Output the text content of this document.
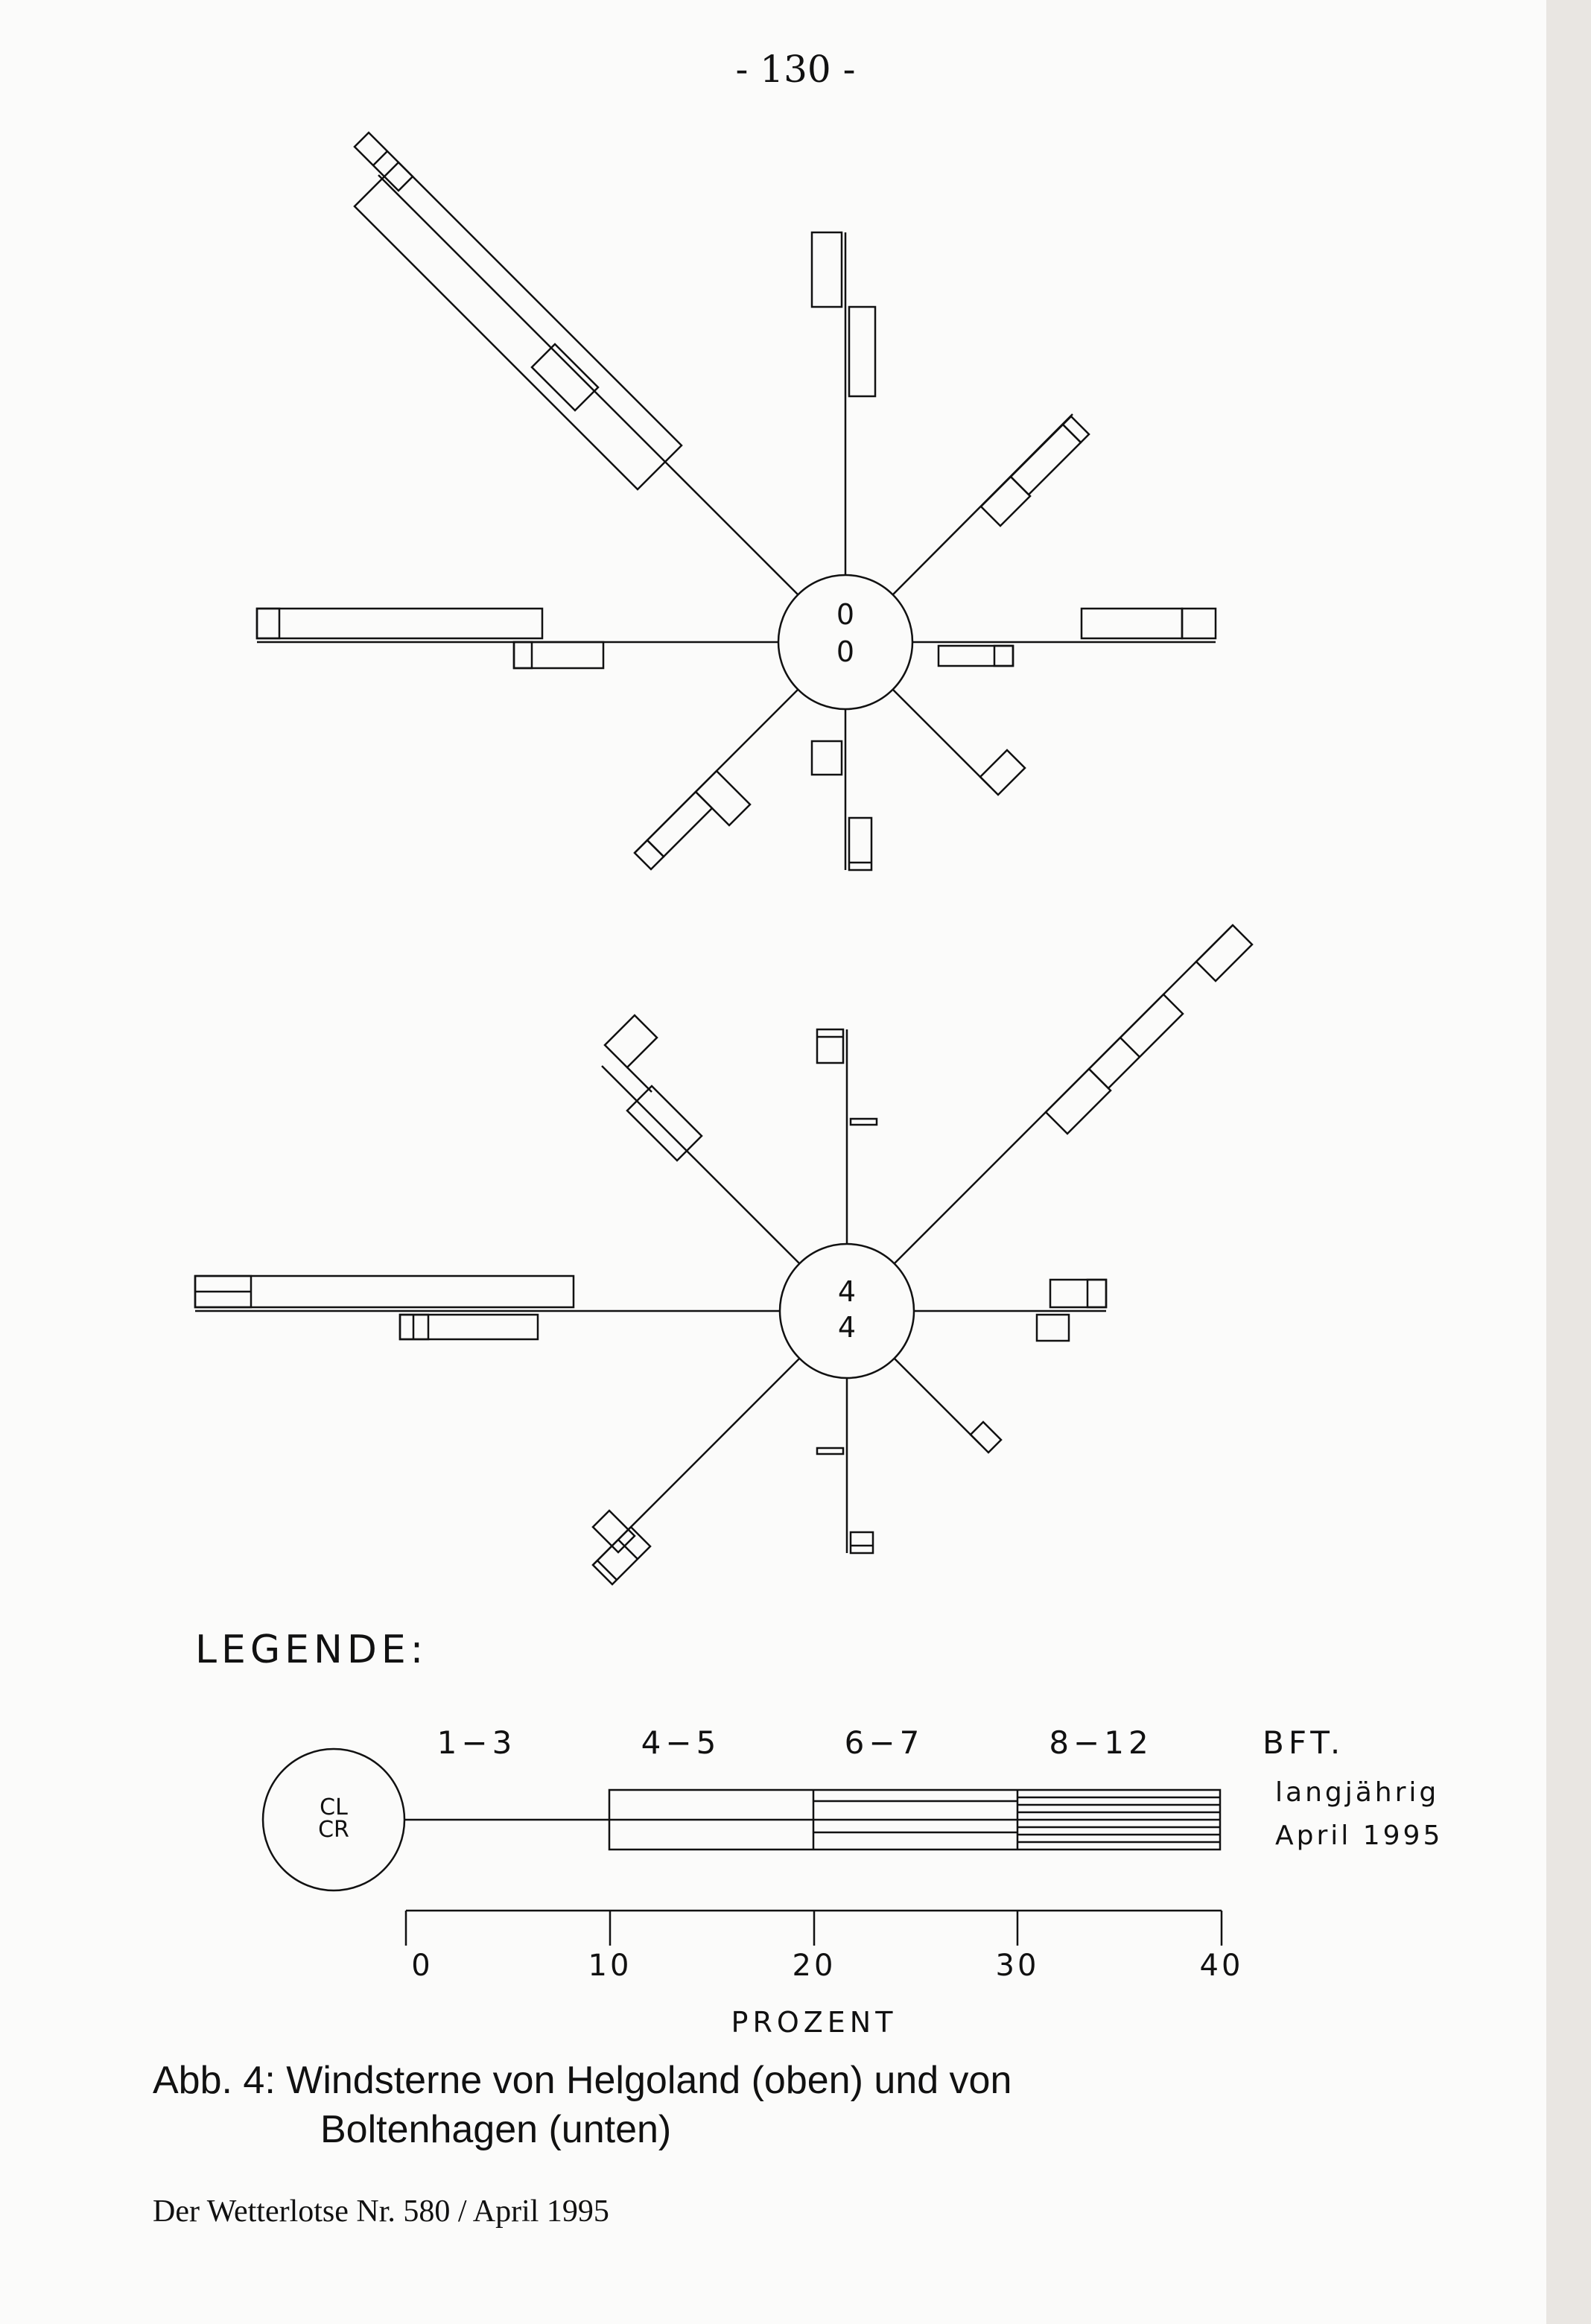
- 130 -
0
0
4
4
LEGENDE:
1−3	4−5	6−7	8−12	BFT.
CL
CR
langjährig
April 1995
0	10	20	30	40
PROZENT
Abb. 4: Windsterne von Helgoland (oben) und von
Boltenhagen (unten)
Der Wetterlotse Nr. 580 / April 1995
